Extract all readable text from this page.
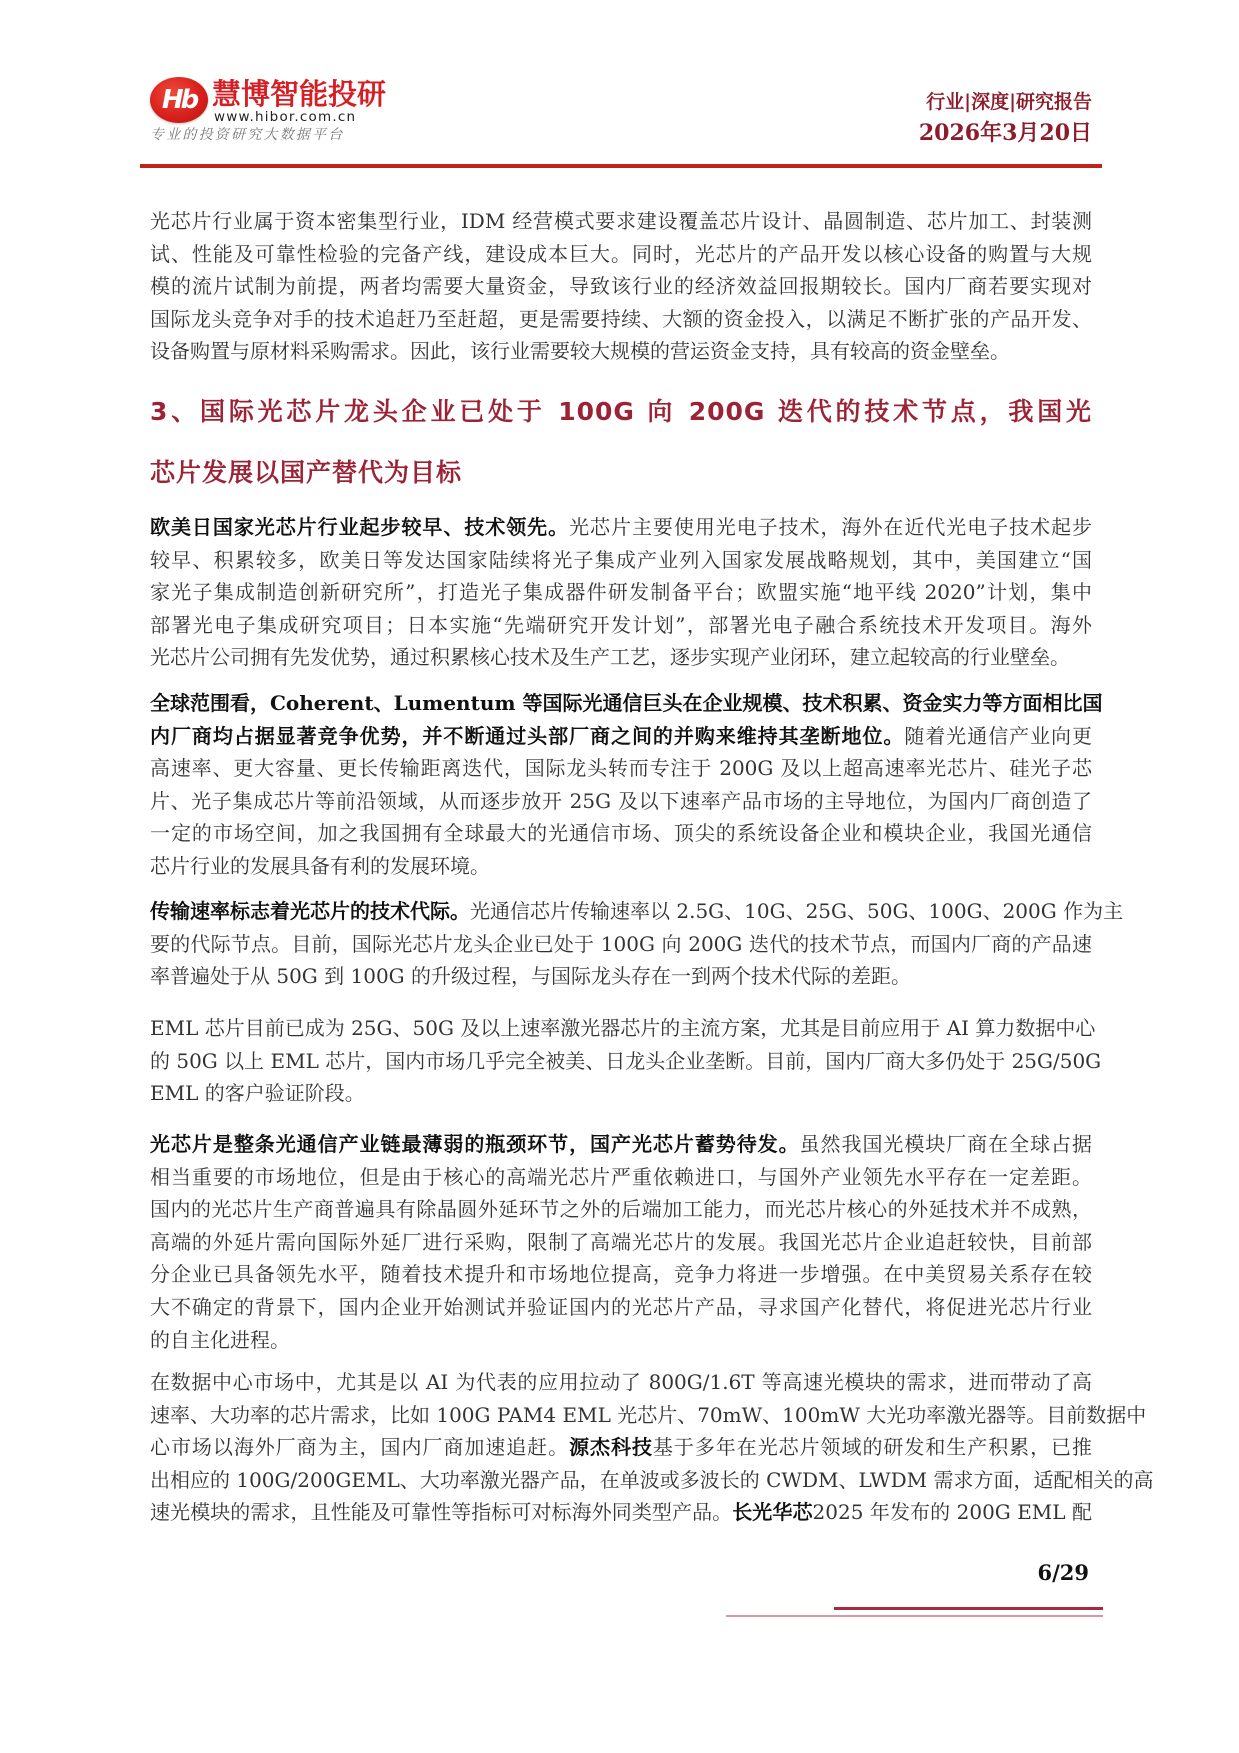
Hb 慧博智能投研
www.hibor.com.cn
专业的投资研究大数据平台
行业|深度|研究报告
2026年3月20日
光芯片行业属于资本密集型行业，IDM 经营模式要求建设覆盖芯片设计、晶圆制造、芯片加工、封装测
试、性能及可靠性检验的完备产线，建设成本巨大。同时，光芯片的产品开发以核心设备的购置与大规
模的流片试制为前提，两者均需要大量资金，导致该行业的经济效益回报期较长。国内厂商若要实现对
国际龙头竞争对手的技术追赶乃至赶超，更是需要持续、大额的资金投入，以满足不断扩张的产品开发、
设备购置与原材料采购需求。因此，该行业需要较大规模的营运资金支持，具有较高的资金壁垒。
3、国际光芯片龙头企业已处于 100G 向 200G 迭代的技术节点，我国光
芯片发展以国产替代为目标
欧美日国家光芯片行业起步较早、技术领先。光芯片主要使用光电子技术，海外在近代光电子技术起步
较早、积累较多，欧美日等发达国家陆续将光子集成产业列入国家发展战略规划，其中，美国建立“国
家光子集成制造创新研究所”，打造光子集成器件研发制备平台；欧盟实施“地平线 2020”计划，集中
部署光电子集成研究项目；日本实施“先端研究开发计划”，部署光电子融合系统技术开发项目。海外
光芯片公司拥有先发优势，通过积累核心技术及生产工艺，逐步实现产业闭环，建立起较高的行业壁垒。
全球范围看，Coherent、Lumentum 等国际光通信巨头在企业规模、技术积累、资金实力等方面相比国
内厂商均占据显著竞争优势，并不断通过头部厂商之间的并购来维持其垄断地位。随着光通信产业向更
高速率、更大容量、更长传输距离迭代，国际龙头转而专注于 200G 及以上超高速率光芯片、硅光子芯
片、光子集成芯片等前沿领域，从而逐步放开 25G 及以下速率产品市场的主导地位，为国内厂商创造了
一定的市场空间，加之我国拥有全球最大的光通信市场、顶尖的系统设备企业和模块企业，我国光通信
芯片行业的发展具备有利的发展环境。
传输速率标志着光芯片的技术代际。光通信芯片传输速率以 2.5G、10G、25G、50G、100G、200G 作为主
要的代际节点。目前，国际光芯片龙头企业已处于 100G 向 200G 迭代的技术节点，而国内厂商的产品速
率普遍处于从 50G 到 100G 的升级过程，与国际龙头存在一到两个技术代际的差距。
EML 芯片目前已成为 25G、50G 及以上速率激光器芯片的主流方案，尤其是目前应用于 AI 算力数据中心
的 50G 以上 EML 芯片，国内市场几乎完全被美、日龙头企业垄断。目前，国内厂商大多仍处于 25G/50G
EML 的客户验证阶段。
光芯片是整条光通信产业链最薄弱的瓶颈环节，国产光芯片蓄势待发。虽然我国光模块厂商在全球占据
相当重要的市场地位，但是由于核心的高端光芯片严重依赖进口，与国外产业领先水平存在一定差距。
国内的光芯片生产商普遍具有除晶圆外延环节之外的后端加工能力，而光芯片核心的外延技术并不成熟，
高端的外延片需向国际外延厂进行采购，限制了高端光芯片的发展。我国光芯片企业追赶较快，目前部
分企业已具备领先水平，随着技术提升和市场地位提高，竞争力将进一步增强。在中美贸易关系存在较
大不确定的背景下，国内企业开始测试并验证国内的光芯片产品，寻求国产化替代，将促进光芯片行业
的自主化进程。
在数据中心市场中，尤其是以 AI 为代表的应用拉动了 800G/1.6T 等高速光模块的需求，进而带动了高
速率、大功率的芯片需求，比如 100G PAM4 EML 光芯片、70mW、100mW 大光功率激光器等。目前数据中
心市场以海外厂商为主，国内厂商加速追赶。源杰科技基于多年在光芯片领域的研发和生产积累，已推
出相应的 100G/200GEML、大功率激光器产品，在单波或多波长的 CWDM、LWDM 需求方面，适配相关的高
速光模块的需求，且性能及可靠性等指标可对标海外同类型产品。长光华芯2025 年发布的 200G EML 配
6/29
